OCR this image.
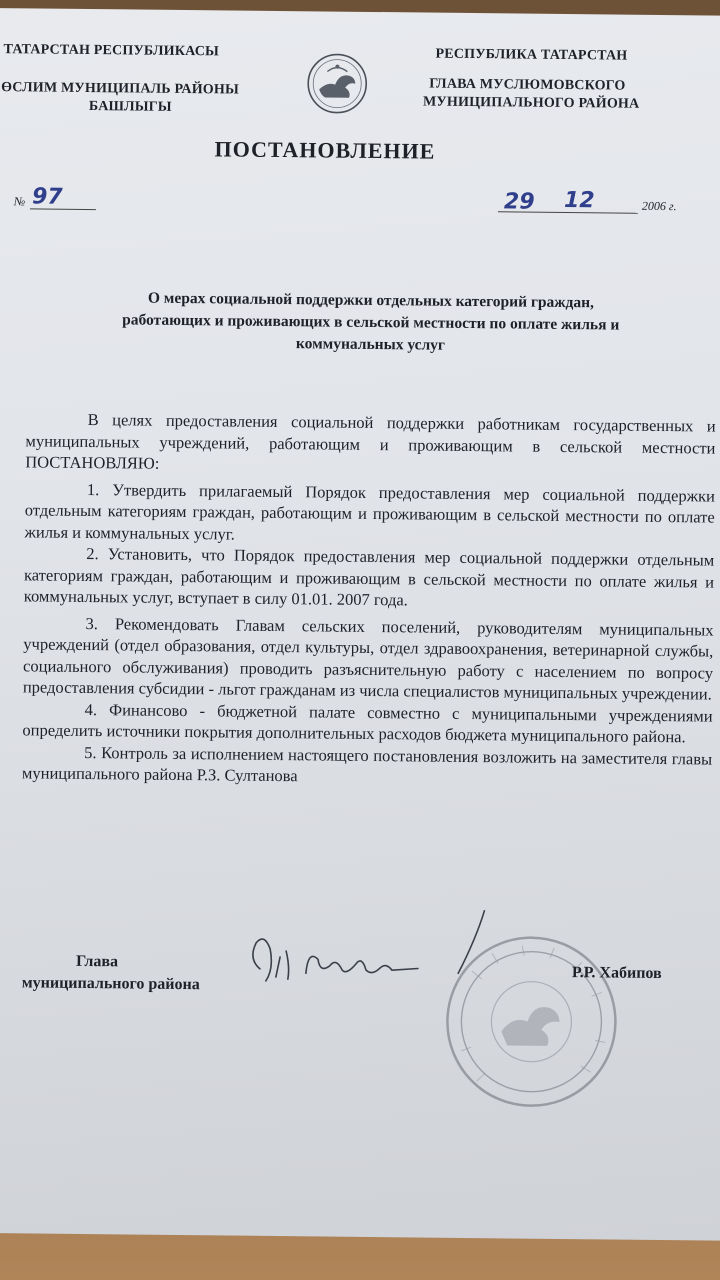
ТАТАРСТАН РЕСПУБЛИКАСЫ
ӨСЛИМ МУНИЦИПАЛЬ РАЙОНЫ
БАШЛЫГЫ
РЕСПУБЛИКА ТАТАРСТАН
ГЛАВА МУСЛЮМОВСКОГО
МУНИЦИПАЛЬНОГО РАЙОНА
ПОСТАНОВЛЕНИЕ
№ 97	29 12	2006 г.
О мерах социальной поддержки отдельных категорий граждан,
работающих и проживающих в сельской местности по оплате жилья и
коммунальных услуг

В целях предоставления социальной поддержки работникам государственных и муниципальных учреждений, работающим и проживающим в сельской местности ПОСТАНОВЛЯЮ:

1. Утвердить прилагаемый Порядок предоставления мер социальной поддержки отдельным категориям граждан, работающим и проживающим в сельской местности по оплате жилья и коммунальных услуг.

2. Установить, что Порядок предоставления мер социальной поддержки отдельным категориям граждан, работающим и проживающим в сельской местности по оплате жилья и коммунальных услуг, вступает в силу 01.01. 2007 года.

3. Рекомендовать Главам сельских поселений, руководителям муниципальных учреждений (отдел образования, отдел культуры, отдел здравоохранения, ветеринарной службы, социального обслуживания) проводить разъяснительную работу с населением по вопросу предоставления субсидии - льгот гражданам из числа специалистов муниципальных учреждении.

4. Финансово - бюджетной палате совместно с муниципальными учреждениями определить источники покрытия дополнительных расходов бюджета муниципального района.

5. Контроль за исполнением настоящего постановления возложить на заместителя главы муниципального района Р.З. Султанова

Глава
муниципального района
Р.Р. Хабипов
